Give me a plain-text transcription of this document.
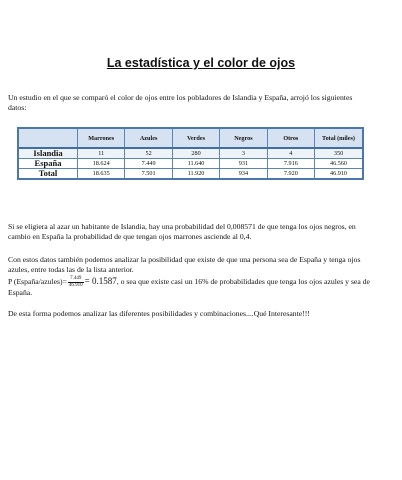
La estadística y el color de ojos

Un estudio en el que se comparó el color de ojos entre los pobladores de Islandia y España, arrojó los siguientes datos:

	Marrones	Azules	Verdes	Negros	Otros	Total (miles)
Islandia	11	52	280	3	4	350
España	18.624	7.449	11.640	931	7.916	46.560
Total	18.635	7.501	11.920	934	7.920	46.910

Si se eligiera al azar un habitante de Islandia, hay una probabilidad del 0,008571 de que tenga los ojos negros, en cambio en España la probabilidad de que tengan ojos marrones asciende al 0,4.

Con estos datos también podemos analizar la posibilidad que existe de que una persona sea de España y tenga ojos azules, entre todas las de la lista anterior.

P (España/azules)= $\frac{7.449}{46.910} = 0.1587$, o sea que existe casi un 16% de probabilidades que tenga los ojos azules y sea de España.

De esta forma podemos analizar las diferentes posibilidades y combinaciones....Qué Interesante!!!
